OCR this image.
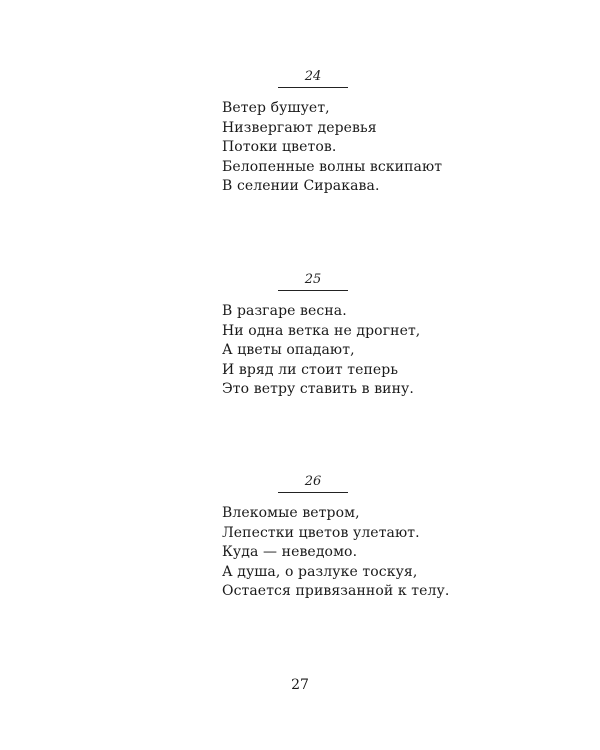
24
Ветер бушует,
Низвергают деревья
Потоки цветов.
Белопенные волны вскипают
В селении Сиракава.
25
В разгаре весна.
Ни одна ветка не дрогнет,
А цветы опадают,
И вряд ли стоит теперь
Это ветру ставить в вину.
26
Влекомые ветром,
Лепестки цветов улетают.
Куда — неведомо.
А душа, о разлуке тоскуя,
Остается привязанной к телу.
27
